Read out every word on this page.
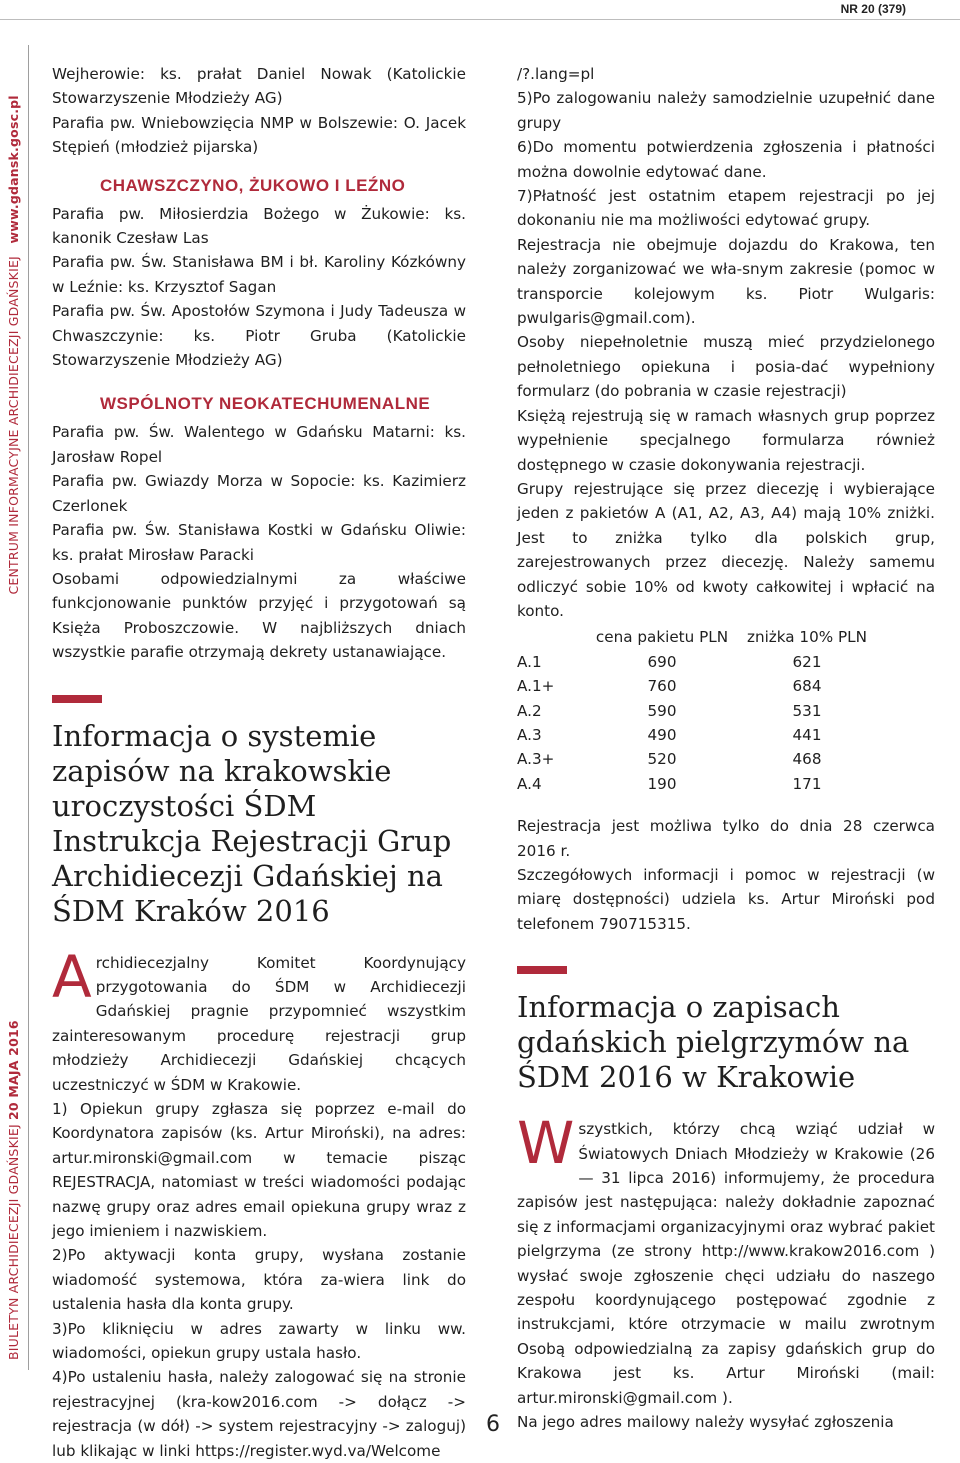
NR 20 (379)
BIULETYN ARCHIDIECEZJI GDAŃSKIEJ 20 MAJA 2016                                                                                                      CENTRUM INFORMACYJNE ARCHIDIECEZJI GDAŃSKIEJ   www.gdansk.gosc.pl

Wejherowie: ks. prałat Daniel Nowak (Katolickie Stowarzyszenie Młodzieży AG)

Parafia pw. Wniebowzięcia NMP w Bolszewie: O. Jacek Stępień (młodzież pijarska)

CHAWSZCZYNO, ŻUKOWO I LEŹNO

Parafia pw. Miłosierdzia Bożego w Żukowie: ks. kanonik Czesław Las

Parafia pw. Św. Stanisława BM i bł. Karoliny Kózkówny w Leźnie: ks. Krzysztof Sagan

Parafia pw. Św. Apostołów Szymona i Judy Tadeusza w Chwaszczynie: ks. Piotr Gruba (Katolickie Stowarzyszenie Młodzieży AG)

WSPÓLNOTY NEOKATECHUMENALNE

Parafia pw. Św. Walentego w Gdańsku Matarni: ks. Jarosław Ropel

Parafia pw. Gwiazdy Morza w Sopocie: ks. Kazimierz Czerlonek

Parafia pw. Św. Stanisława Kostki w Gdańsku Oliwie: ks. prałat Mirosław Paracki

Osobami odpowiedzialnymi za właściwe funkcjonowanie punktów przyjęć i przygotowań są Księża Proboszczowie. W najbliższych dniach wszystkie parafie otrzymają dekrety ustanawiające.

Informacja o systemie zapisów na krakowskie uroczystości ŚDM Instrukcja Rejestracji Grup Archidiecezji Gdańskiej na ŚDM Kraków 2016

Archidiecezjalny Komitet Koordynujący przygotowania do ŚDM w Archidiecezji Gdańskiej pragnie przypomnieć wszystkim zainteresowanym procedurę rejestracji grup młodzieży Archidiecezji Gdańskiej chcących uczestniczyć w ŚDM w Krakowie.

1) Opiekun grupy zgłasza się poprzez e-mail do Koordynatora zapisów (ks. Artur Miroński), na adres: artur.mironski@gmail.com w temacie pisząc REJESTRACJA, natomiast w treści wiadomości podając nazwę grupy oraz adres email opiekuna grupy wraz z jego imieniem i nazwiskiem.

2)Po aktywacji konta grupy, wysłana zostanie wiadomość systemowa, która za-wiera link do ustalenia hasła dla konta grupy.

3)Po kliknięciu w adres zawarty w linku ww. wiadomości, opiekun grupy ustala hasło.

4)Po ustaleniu hasła, należy zalogować się na stronie rejestracyjnej (kra-kow2016.com -> dołącz -> rejestracja (w dół) -> system rejestracyjny -> zaloguj) lub klikając w linki https://register.wyd.va/Welcome

/?.lang=pl

5)Po zalogowaniu należy samodzielnie uzupełnić dane grupy

6)Do momentu potwierdzenia zgłoszenia i płatności można dowolnie edytować dane.

7)Płatność jest ostatnim etapem rejestracji po jej dokonaniu nie ma możliwości edytować grupy.

Rejestracja nie obejmuje dojazdu do Krakowa, ten należy zorganizować we wła-snym zakresie (pomoc w transporcie kolejowym ks. Piotr Wulgaris: pwulgaris@gmail.com).

Osoby niepełnoletnie muszą mieć przydzielonego pełnoletniego opiekuna i posia-dać wypełniony formularz (do pobrania w czasie rejestracji)

Księżą rejestrują się w ramach własnych grup poprzez wypełnienie specjalnego formularza również dostępnego w czasie dokonywania rejestracji.

Grupy rejestrujące się przez diecezję i wybierające jeden z pakietów A (A1, A2, A3, A4) mają 10% zniżki. Jest to zniżka tylko dla polskich grup, zarejestrowanych przez diecezję. Należy samemu odliczyć sobie 10% od kwoty całkowitej i wpłacić na konto.

	cena pakietu PLN	zniżka 10% PLN
A.1	690	621
A.1+	760	684
A.2	590	531
A.3	490	441
A.3+	520	468
A.4	190	171

Rejestracja jest możliwa tylko do dnia 28 czerwca 2016 r.

Szczegółowych informacji i pomoc w rejestracji (w miarę dostępności) udziela ks. Artur Miroński pod telefonem 790715315.

Informacja o zapisach gdańskich pielgrzymów na ŚDM 2016 w Krakowie

Wszystkich, którzy chcą wziąć udział w Światowych Dniach Młodzieży w Krakowie (26 — 31 lipca 2016) informujemy, że procedura zapisów jest następująca: należy dokładnie zapoznać się z informacjami organizacyjnymi oraz wybrać pakiet pielgrzyma (ze strony http://www.krakow2016.com ) wysłać swoje zgłoszenie chęci udziału do naszego zespołu koordynującego postępować zgodnie z instrukcjami, które otrzymacie w mailu zwrotnym Osobą odpowiedzialną za zapisy gdańskich grup do Krakowa jest ks. Artur Miroński (mail: artur.mironski@gmail.com ).

Na jego adres mailowy należy wysyłać zgłoszenia

6
